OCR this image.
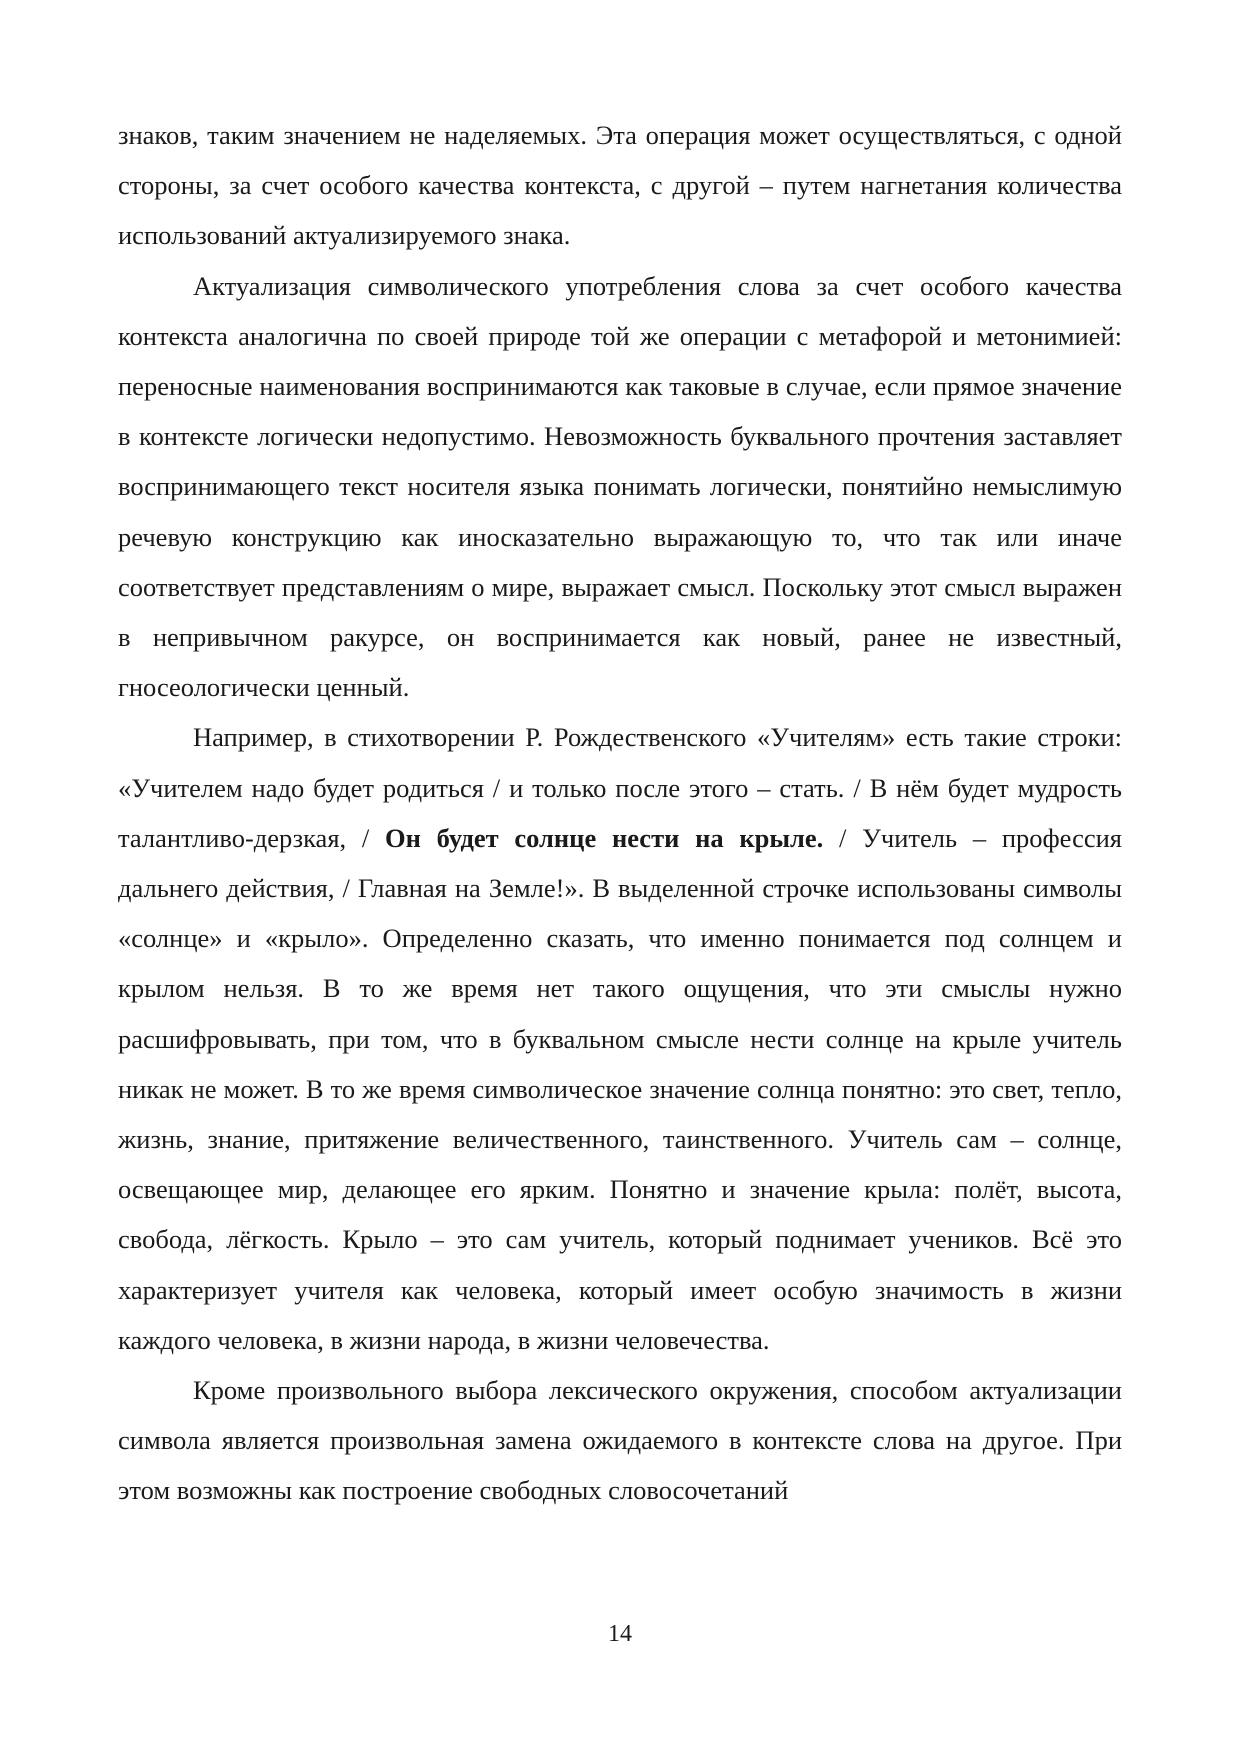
знаков, таким значением не наделяемых. Эта операция может осуществляться, с одной стороны, за счет особого качества контекста, с другой – путем нагнетания количества использований актуализируемого знака.

Актуализация символического употребления слова за счет особого качества контекста аналогична по своей природе той же операции с метафорой и метонимией: переносные наименования воспринимаются как таковые в случае, если прямое значение в контексте логически недопустимо. Невозможность буквального прочтения заставляет воспринимающего текст носителя языка понимать логически, понятийно немыслимую речевую конструкцию как иносказательно выражающую то, что так или иначе соответствует представлениям о мире, выражает смысл. Поскольку этот смысл выражен в непривычном ракурсе, он воспринимается как новый, ранее не известный, гносеологически ценный.

Например, в стихотворении Р. Рождественского «Учителям» есть такие строки: «Учителем надо будет родиться / и только после этого – стать. / В нём будет мудрость талантливо-дерзкая, / Он будет солнце нести на крыле. / Учитель – профессия дальнего действия, / Главная на Земле!». В выделенной строчке использованы символы «солнце» и «крыло». Определенно сказать, что именно понимается под солнцем и крылом нельзя. В то же время нет такого ощущения, что эти смыслы нужно расшифровывать, при том, что в буквальном смысле нести солнце на крыле учитель никак не может. В то же время символическое значение солнца понятно: это свет, тепло, жизнь, знание, притяжение величественного, таинственного. Учитель сам – солнце, освещающее мир, делающее его ярким. Понятно и значение крыла: полёт, высота, свобода, лёгкость. Крыло – это сам учитель, который поднимает учеников. Всё это характеризует учителя как человека, который имеет особую значимость в жизни каждого человека, в жизни народа, в жизни человечества.

Кроме произвольного выбора лексического окружения, способом актуализации символа является произвольная замена ожидаемого в контексте слова на другое. При этом возможны как построение свободных словосочетаний

14
